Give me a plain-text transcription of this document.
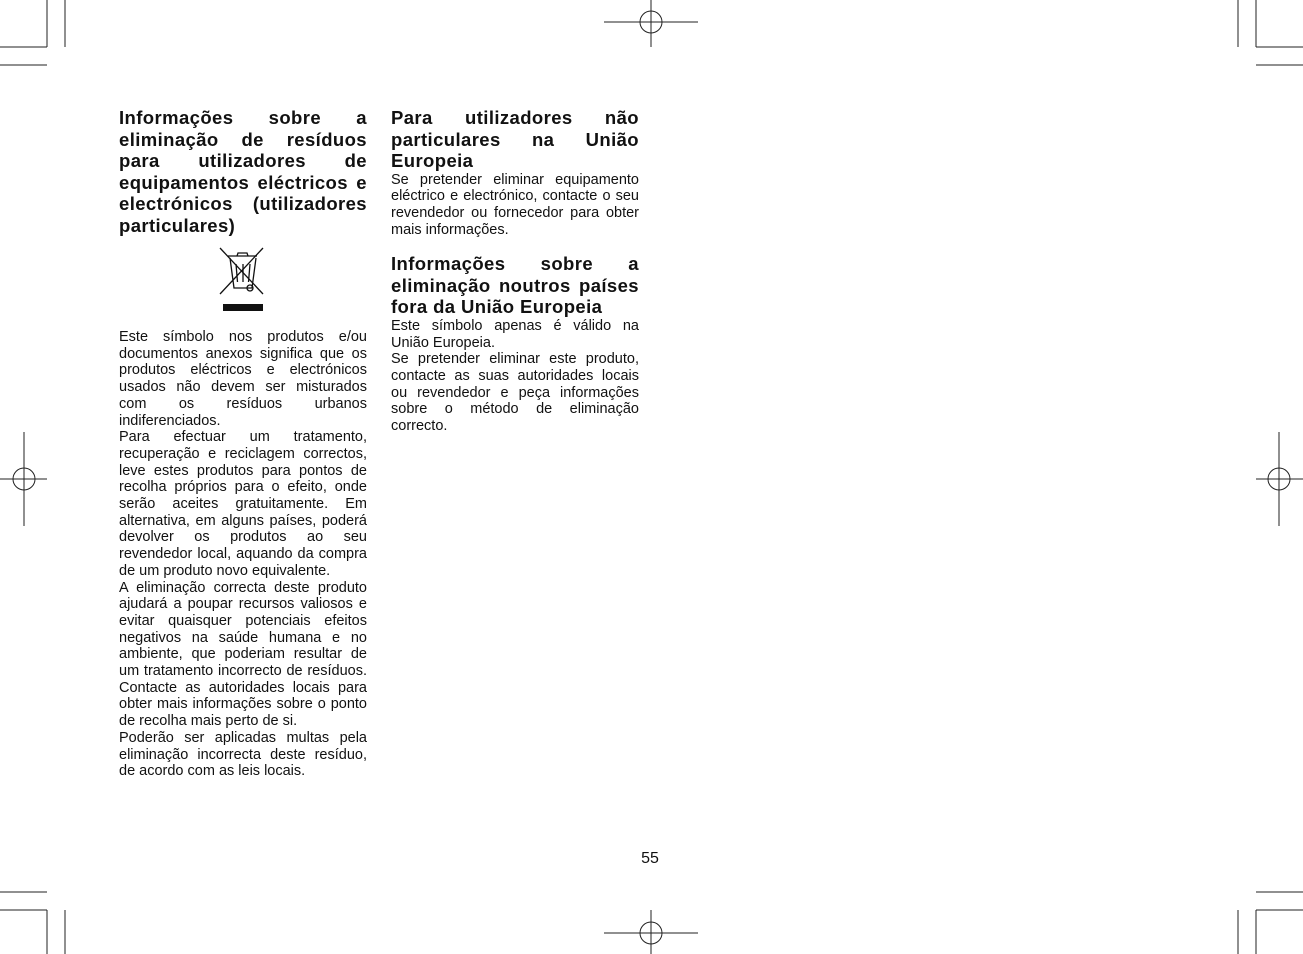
Informações sobre a eliminação de resíduos para utilizadores de equipamentos eléctricos e electrónicos (utilizadores particulares)

Este símbolo nos produtos e/ou documentos anexos significa que os produtos eléctricos e electrónicos usados não devem ser misturados com os resíduos urbanos indiferenciados.

Para efectuar um tratamento, recuperação e reciclagem correctos, leve estes produtos para pontos de recolha próprios para o efeito, onde serão aceites gratuitamente. Em alternativa, em alguns países, poderá devolver os produtos ao seu revendedor local, aquando da compra de um produto novo equivalente.

A eliminação correcta deste produto ajudará a poupar recursos valiosos e evitar quaisquer potenciais efeitos negativos na saúde humana e no ambiente, que poderiam resultar de um tratamento incorrecto de resíduos. Contacte as autoridades locais para obter mais informações sobre o ponto de recolha mais perto de si.

Poderão ser aplicadas multas pela eliminação incorrecta deste resíduo, de acordo com as leis locais.

Para utilizadores não particulares na União Europeia

Se pretender eliminar equipamento eléctrico e electrónico, contacte o seu revendedor ou fornecedor para obter mais informações.

Informações sobre a eliminação noutros países fora da União Europeia

Este símbolo apenas é válido na União Europeia.

Se pretender eliminar este produto, contacte as suas autoridades locais ou revendedor e peça informações sobre o método de eliminação correcto.

55
